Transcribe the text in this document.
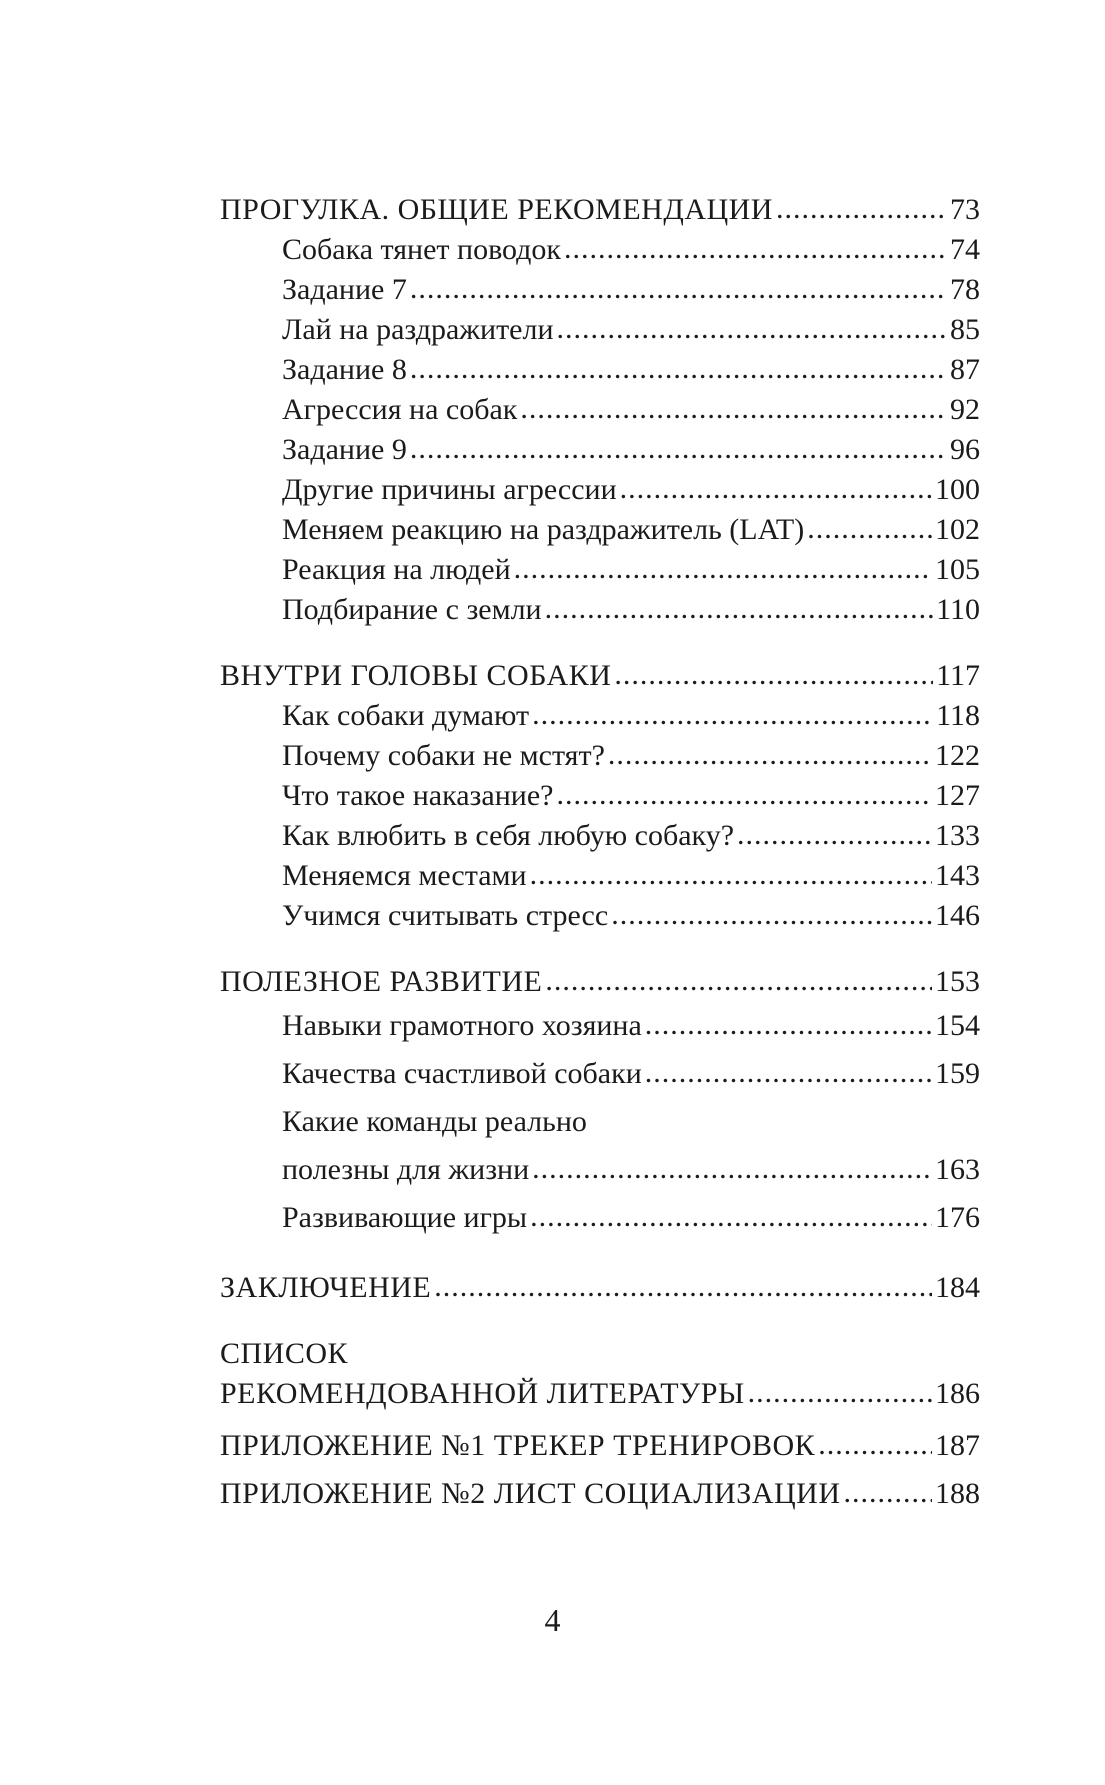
ПРОГУЛКА. ОБЩИЕ РЕКОМЕНДАЦИИ .....	73
Собака тянет поводок .....	74
Задание 7 .....	78
Лай на раздражители .....	85
Задание 8 .....	87
Агрессия на собак .....	92
Задание 9 .....	96
Другие причины агрессии .....	100
Меняем реакцию на раздражитель (LAT) .....	102
Реакция на людей .....	105
Подбирание с земли .....	110
ВНУТРИ ГОЛОВЫ СОБАКИ .....	117
Как собаки думают .....	118
Почему собаки не мстят? .....	122
Что такое наказание? .....	127
Как влюбить в себя любую собаку? .....	133
Меняемся местами .....	143
Учимся считывать стресс .....	146
ПОЛЕЗНОЕ РАЗВИТИЕ .....	153
Навыки грамотного хозяина .....	154
Качества счастливой собаки .....	159
Какие команды реально
полезны для жизни .....	163
Развивающие игры .....	176
ЗАКЛЮЧЕНИЕ .....	184
СПИСОК
РЕКОМЕНДОВАННОЙ ЛИТЕРАТУРЫ .....	186
ПРИЛОЖЕНИЕ №1 ТРЕКЕР ТРЕНИРОВОК .....	187
ПРИЛОЖЕНИЕ №2 ЛИСТ СОЦИАЛИЗАЦИИ .....	188
4
